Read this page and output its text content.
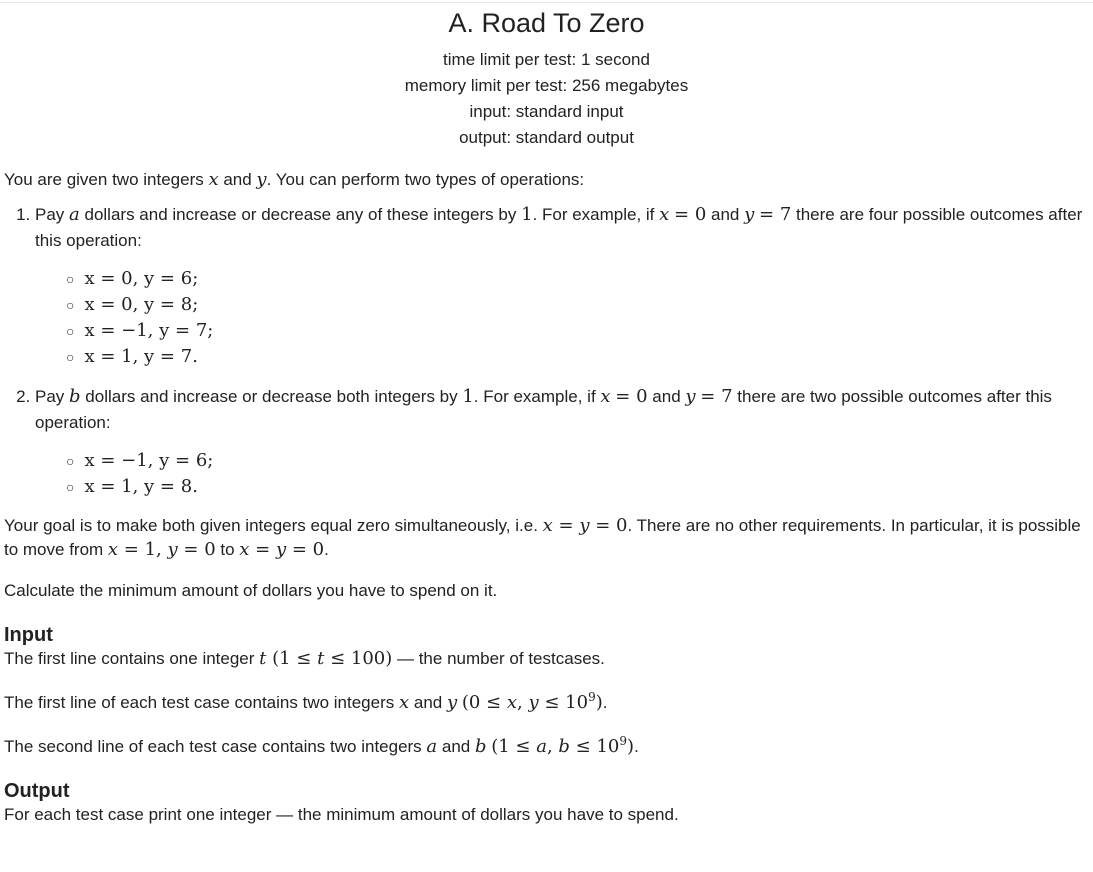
A. Road To Zero
time limit per test: 1 second
memory limit per test: 256 megabytes
input: standard input
output: standard output

You are given two integers x and y. You can perform two types of operations:

1. Pay a dollars and increase or decrease any of these integers by 1. For example, if x = 0 and y = 7 there are four possible outcomes after this operation:
○ x = 0, y = 6;
○ x = 0, y = 8;
○ x = −1, y = 7;
○ x = 1, y = 7.
2. Pay b dollars and increase or decrease both integers by 1. For example, if x = 0 and y = 7 there are two possible outcomes after this operation:
○ x = −1, y = 6;
○ x = 1, y = 8.

Your goal is to make both given integers equal zero simultaneously, i.e. x = y = 0. There are no other requirements. In particular, it is possible to move from x = 1, y = 0 to x = y = 0.

Calculate the minimum amount of dollars you have to spend on it.

Input

The first line contains one integer t (1 ≤ t ≤ 100) — the number of testcases.

The first line of each test case contains two integers x and y (0 ≤ x, $y \le 10^9$).

The second line of each test case contains two integers a and b (1 ≤ a, $b \le 10^9$).

Output

For each test case print one integer — the minimum amount of dollars you have to spend.
